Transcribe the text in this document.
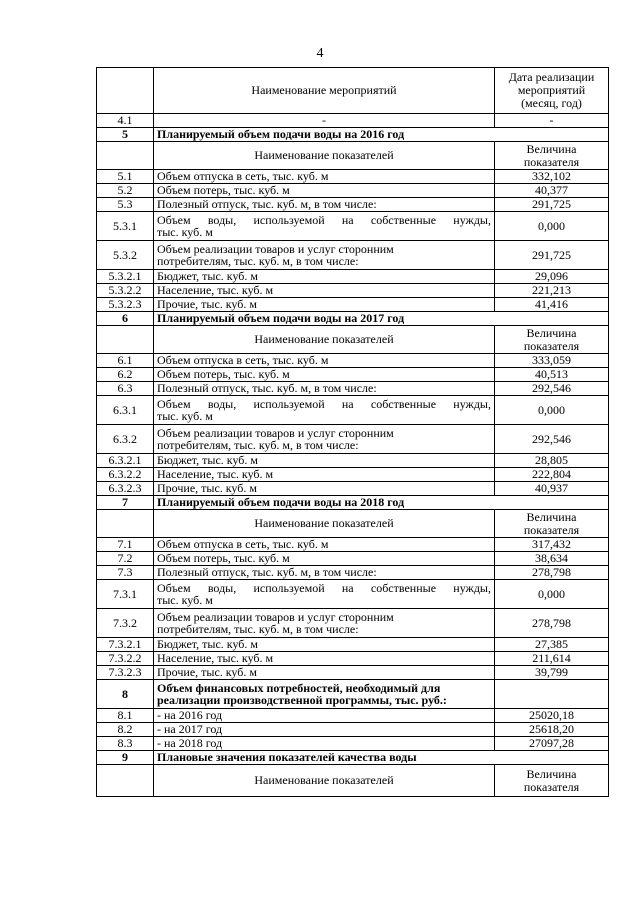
4
	Наименование мероприятий	Дата реализации
мероприятий
(месяц, год)

4.1	-	-
5	Планируемый объем подачи воды на 2016 год	
	Наименование показателей	Величина
показателя

5.1	Объем отпуска в сеть, тыс. куб. м	332,102
5.2	Объем потерь, тыс. куб. м	40,377
5.3	Полезный отпуск, тыс. куб. м, в том числе:	291,725
5.3.1	Объем воды, используемой на собственные нужды,
тыс. куб. м	0,000
5.3.2	Объем реализации товаров и услуг сторонним
потребителям, тыс. куб. м, в том числе:	291,725
5.3.2.1	Бюджет, тыс. куб. м	29,096
5.3.2.2	Население, тыс. куб. м	221,213
5.3.2.3	Прочие, тыс. куб. м	41,416
6	Планируемый объем подачи воды на 2017 год	
	Наименование показателей	Величина
показателя

6.1	Объем отпуска в сеть, тыс. куб. м	333,059
6.2	Объем потерь, тыс. куб. м	40,513
6.3	Полезный отпуск, тыс. куб. м, в том числе:	292,546
6.3.1	Объем воды, используемой на собственные нужды,
тыс. куб. м	0,000
6.3.2	Объем реализации товаров и услуг сторонним
потребителям, тыс. куб. м, в том числе:	292,546
6.3.2.1	Бюджет, тыс. куб. м	28,805
6.3.2.2	Население, тыс. куб. м	222,804
6.3.2.3	Прочие, тыс. куб. м	40,937
7	Планируемый объем подачи воды на 2018 год	
	Наименование показателей	Величина
показателя

7.1	Объем отпуска в сеть, тыс. куб. м	317,432
7.2	Объем потерь, тыс. куб. м	38,634
7.3	Полезный отпуск, тыс. куб. м, в том числе:	278,798
7.3.1	Объем воды, используемой на собственные нужды,
тыс. куб. м	0,000
7.3.2	Объем реализации товаров и услуг сторонним
потребителям, тыс. куб. м, в том числе:	278,798
7.3.2.1	Бюджет, тыс. куб. м	27,385
7.3.2.2	Население, тыс. куб. м	211,614
7.3.2.3	Прочие, тыс. куб. м	39,799
8	Объем финансовых потребностей, необходимый для
реализации производственной программы, тыс. руб.:	

8.1	- на 2016 год	25020,18
8.2	- на 2017 год	25618,20
8.3	- на 2018 год	27097,28
9	Плановые значения показателей качества воды	
	Наименование показателей	Величина
показателя
